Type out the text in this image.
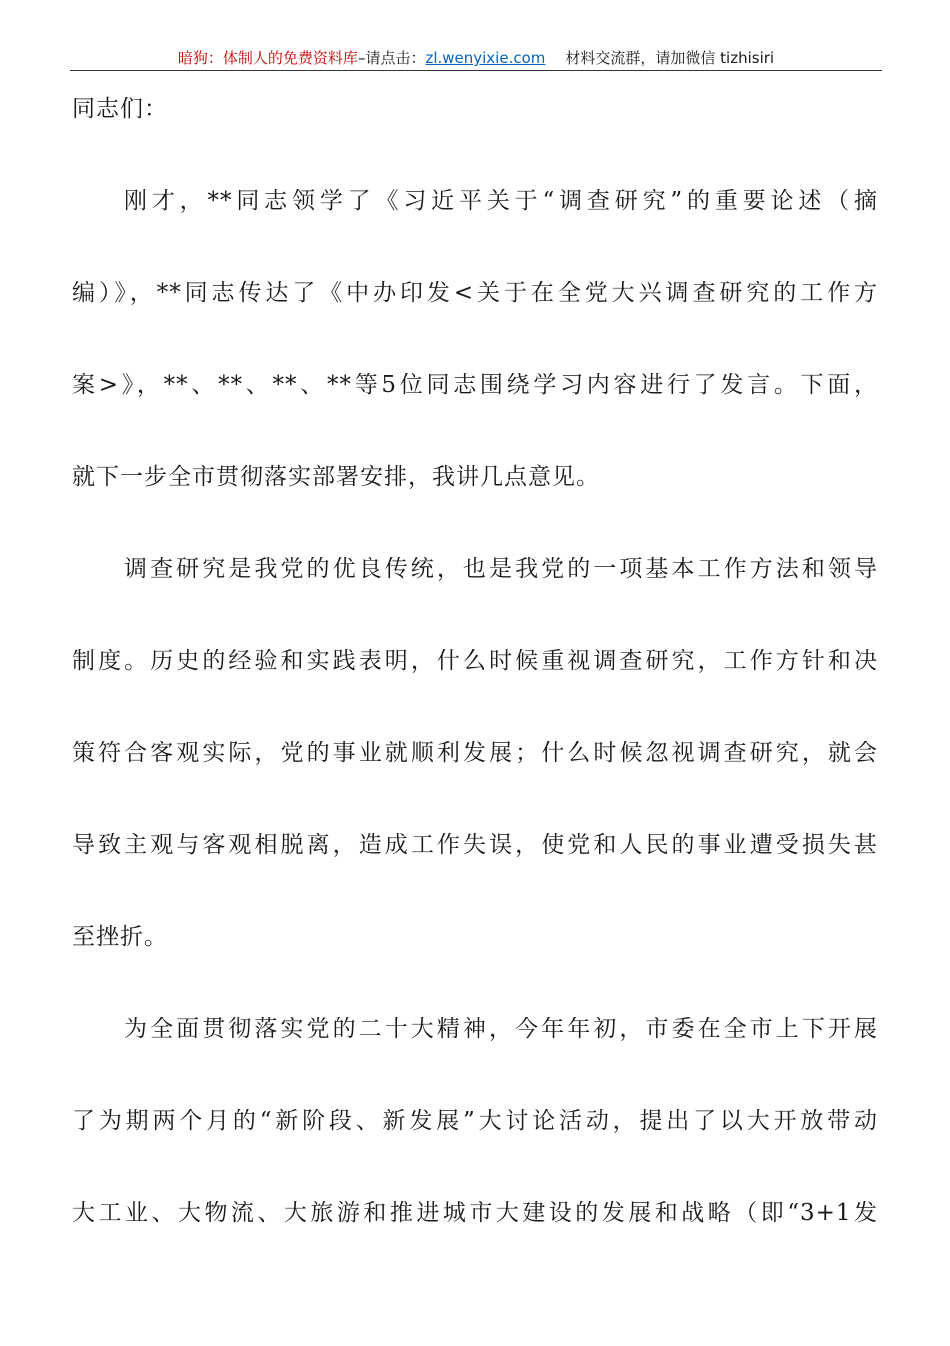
暗狗：体制人的免费资料库–请点击：zl.wenyixie.com 材料交流群，请加微信 tizhisiri
同志们：
刚才，**同志领学了《习近平关于“调查研究”的重要论述（摘
编）》，**同志传达了《中办印发<关于在全党大兴调查研究的工作方
案>》，**、**、**、**等5位同志围绕学习内容进行了发言。下面，
就下一步全市贯彻落实部署安排，我讲几点意见。
调查研究是我党的优良传统，也是我党的一项基本工作方法和领导
制度。历史的经验和实践表明，什么时候重视调查研究，工作方针和决
策符合客观实际，党的事业就顺利发展；什么时候忽视调查研究，就会
导致主观与客观相脱离，造成工作失误，使党和人民的事业遭受损失甚
至挫折。
为全面贯彻落实党的二十大精神，今年年初，市委在全市上下开展
了为期两个月的“新阶段、新发展”大讨论活动，提出了以大开放带动
大工业、大物流、大旅游和推进城市大建设的发展和战略（即“3+1发
